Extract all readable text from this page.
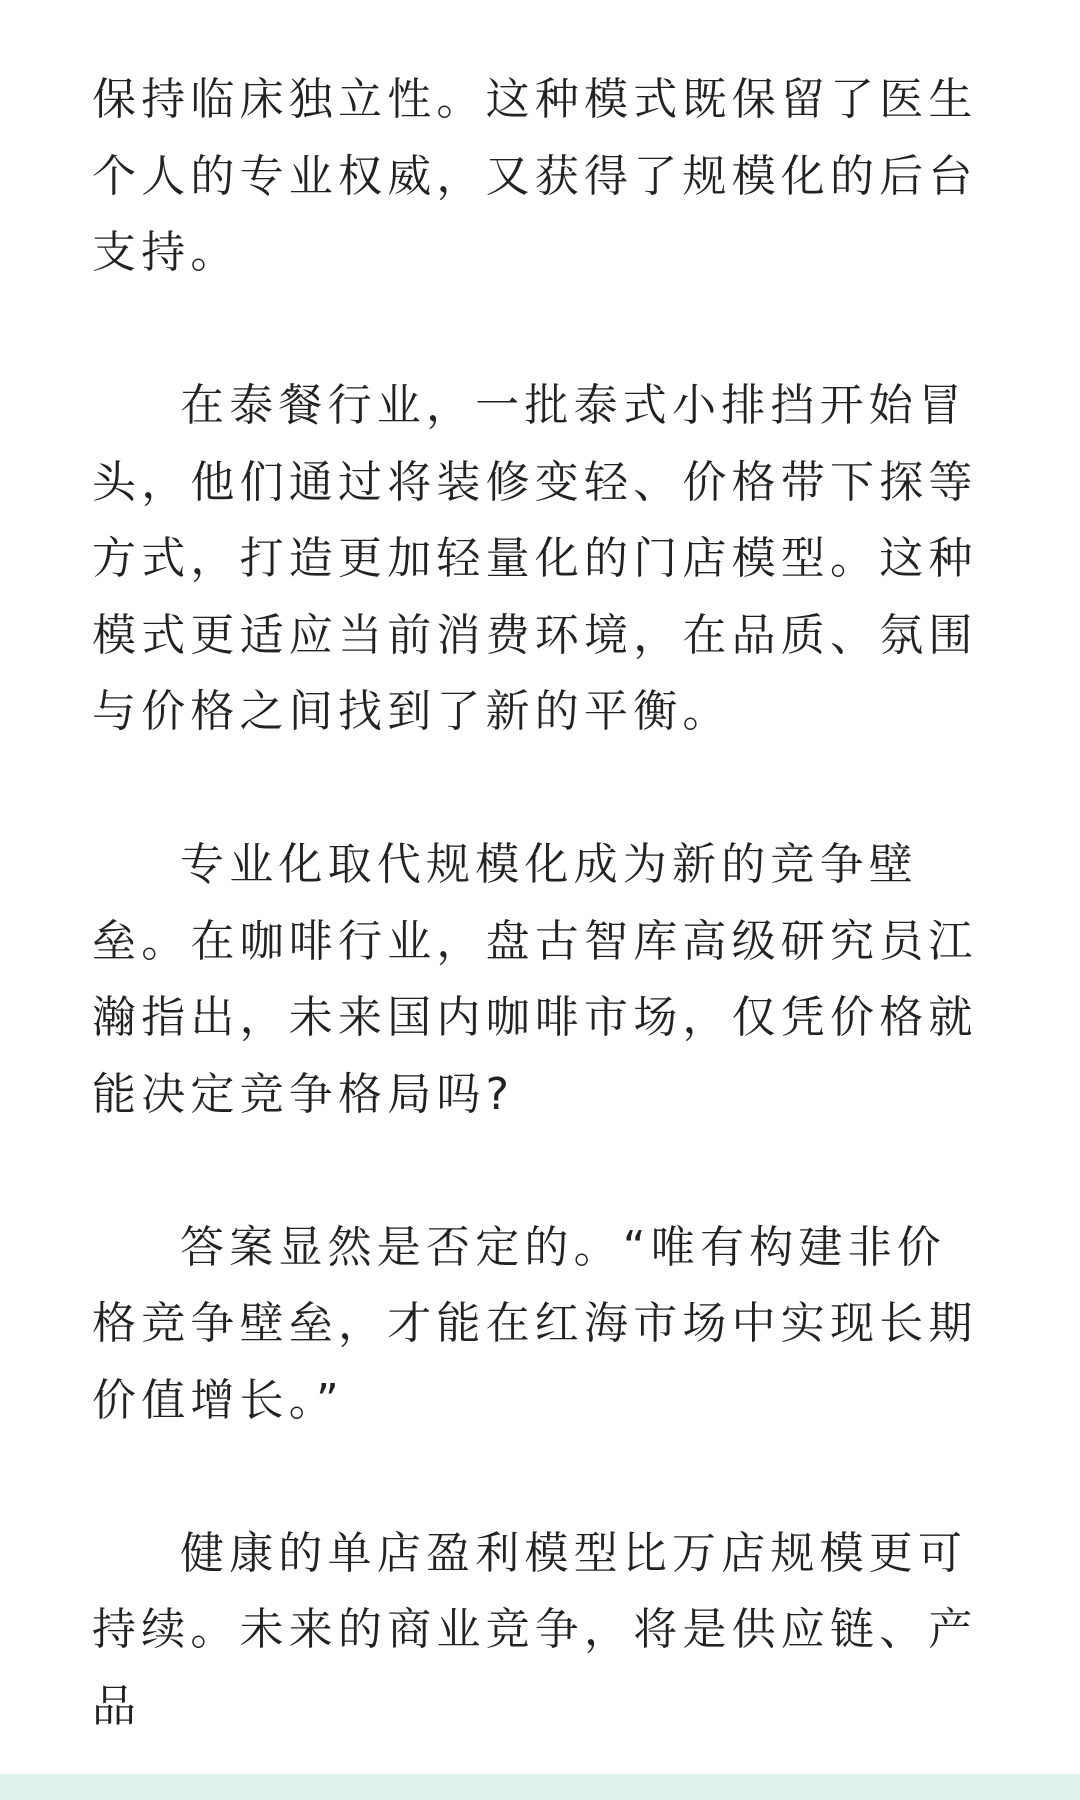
保持临床独立性。这种模式既保留了医生个人的专业权威，又获得了规模化的后台支持。

在泰餐行业，一批泰式小排挡开始冒头，他们通过将装修变轻、价格带下探等方式，打造更加轻量化的门店模型。这种模式更适应当前消费环境，在品质、氛围与价格之间找到了新的平衡。

专业化取代规模化成为新的竞争壁垒。在咖啡行业，盘古智库高级研究员江瀚指出，未来国内咖啡市场，仅凭价格就能决定竞争格局吗?

答案显然是否定的。“唯有构建非价格竞争壁垒，才能在红海市场中实现长期价值增长。”

健康的单店盈利模型比万店规模更可持续。未来的商业竞争，将是供应链、产品
